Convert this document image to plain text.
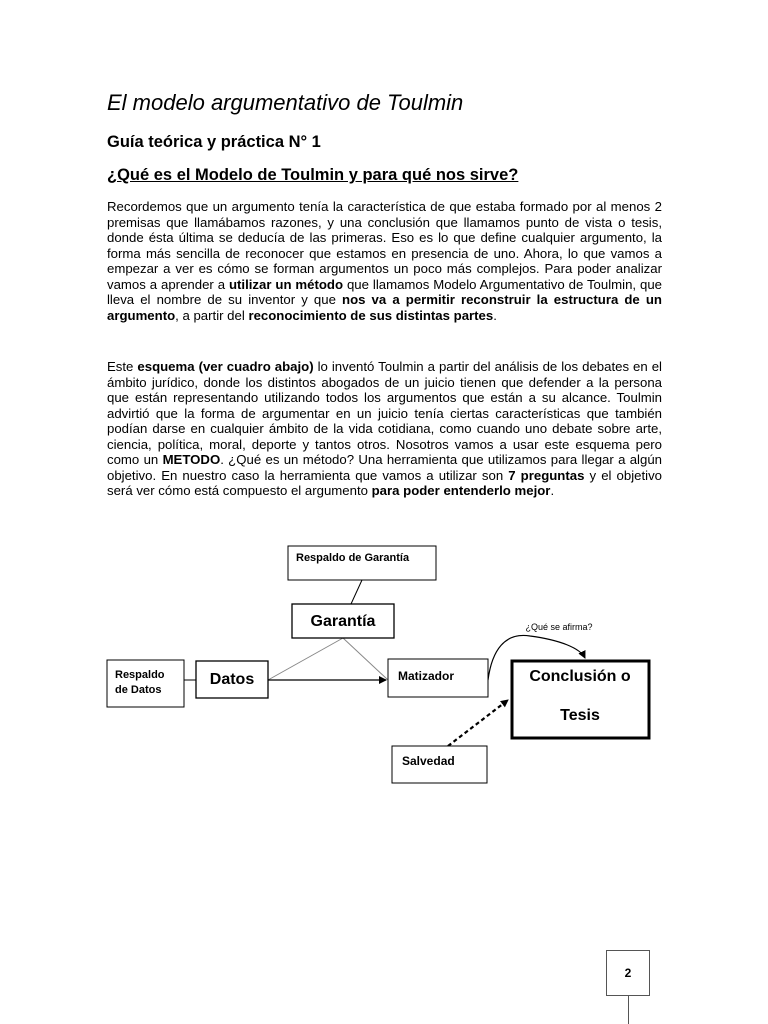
El modelo argumentativo de Toulmin
Guía teórica y práctica N° 1
¿Qué es el Modelo de Toulmin y para qué nos sirve?

Recordemos que un argumento tenía la característica de que estaba formado por al menos 2 premisas que llamábamos razones, y una conclusión que llamamos punto de vista o tesis, donde ésta última se deducía de las primeras. Eso es lo que define cualquier argumento, la forma más sencilla de reconocer que estamos en presencia de uno. Ahora, lo que vamos a empezar a ver es cómo se forman argumentos un poco más complejos. Para poder analizar vamos a aprender a utilizar un método que llamamos Modelo Argumentativo de Toulmin, que lleva el nombre de su inventor y que nos va a permitir reconstruir la estructura de un argumento, a partir del reconocimiento de sus distintas partes.

Este esquema (ver cuadro abajo) lo inventó Toulmin a partir del análisis de los debates en el ámbito jurídico, donde los distintos abogados de un juicio tienen que defender a la persona que están representando utilizando todos los argumentos que están a su alcance. Toulmin advirtió que la forma de argumentar en un juicio tenía ciertas características que también podían darse en cualquier ámbito de la vida cotidiana, como cuando uno debate sobre arte, ciencia, política, moral, deporte y tantos otros. Nosotros vamos a usar este esquema pero como un METODO. ¿Qué es un método? Una herramienta que utilizamos para llegar a algún objetivo. En nuestro caso la herramienta que vamos a utilizar son 7 preguntas y el objetivo será ver cómo está compuesto el argumento para poder entenderlo mejor.

Respaldo de Garantía
Garantía	¿Qué se afirma?
Respaldo
de Datos
Datos	Matizador	Conclusión o
Tesis
Salvedad
2
